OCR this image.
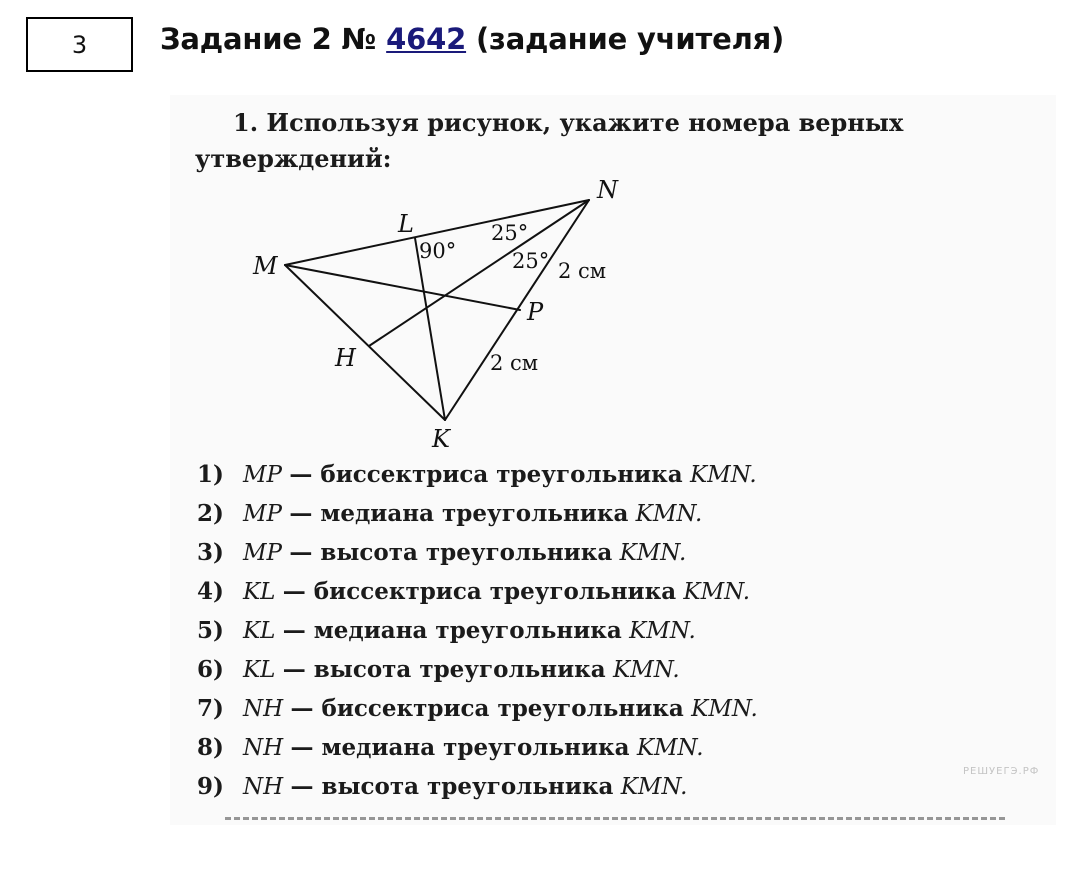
3	Задание 2 № 4642 (задание учителя)

1. Используя рисунок, укажите номера верных утверждений:

M
L
N
P
H
K
90°
25°
25° 2 см
2 см
1) MP — биссектриса треугольника KMN.
2) MP — медиана треугольника KMN.
3) MP — высота треугольника KMN.
4) KL — биссектриса треугольника KMN.
5) KL — медиана треугольника KMN.
6) KL — высота треугольника KMN.
7) NH — биссектриса треугольника KMN.
8) NH — медиана треугольника KMN.
9) NH — высота треугольника KMN.
РЕШУЕГЭ.РФ
